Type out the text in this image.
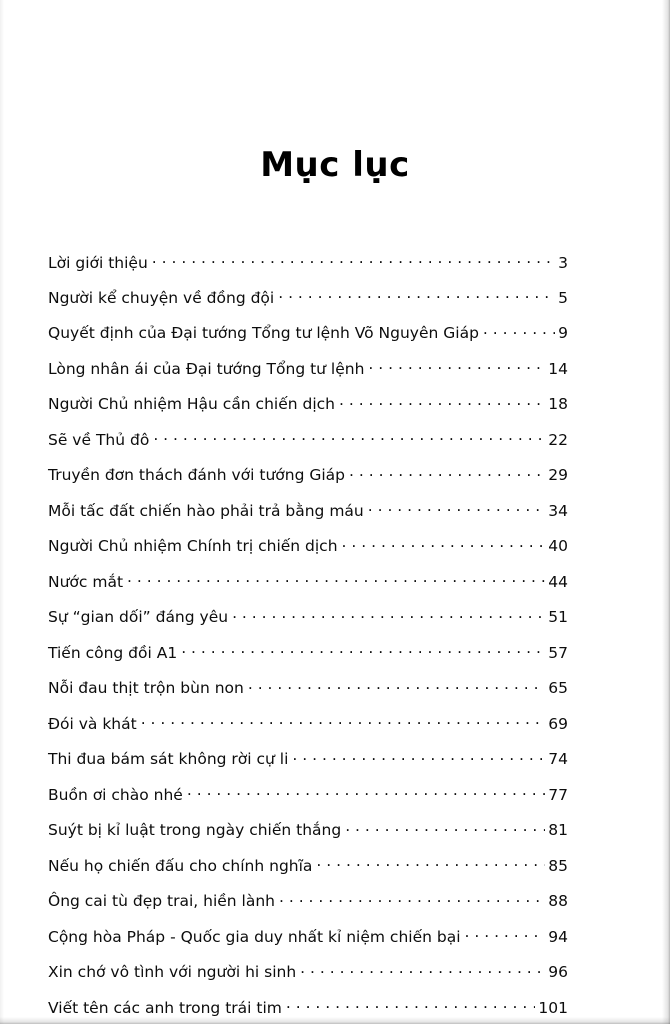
Mục lục
Lời giới thiệu . . .	3
Người kể chuyện về đồng đội . . .	5
Quyết định của Đại tướng Tổng tư lệnh Võ Nguyên Giáp . . .	9
Lòng nhân ái của Đại tướng Tổng tư lệnh . . .	14
Người Chủ nhiệm Hậu cần chiến dịch . . .	18
Sẽ về Thủ đô . . .	22
Truyền đơn thách đánh với tướng Giáp . . .	29
Mỗi tấc đất chiến hào phải trả bằng máu . . .	34
Người Chủ nhiệm Chính trị chiến dịch . . .	40
Nước mắt . . .	44
Sự “gian dối” đáng yêu . . .	51
Tiến công đồi A1 . . .	57
Nỗi đau thịt trộn bùn non . . .	65
Đói và khát . . .	69
Thi đua bám sát không rời cự li . . .	74
Buồn ơi chào nhé . . .	77
Suýt bị kỉ luật trong ngày chiến thắng . . .	81
Nếu họ chiến đấu cho chính nghĩa . . .	85
Ông cai tù đẹp trai, hiền lành . . .	88
Cộng hòa Pháp - Quốc gia duy nhất kỉ niệm chiến bại . . .	94
Xin chớ vô tình với người hi sinh . . .	96
Viết tên các anh trong trái tim . . .	101
